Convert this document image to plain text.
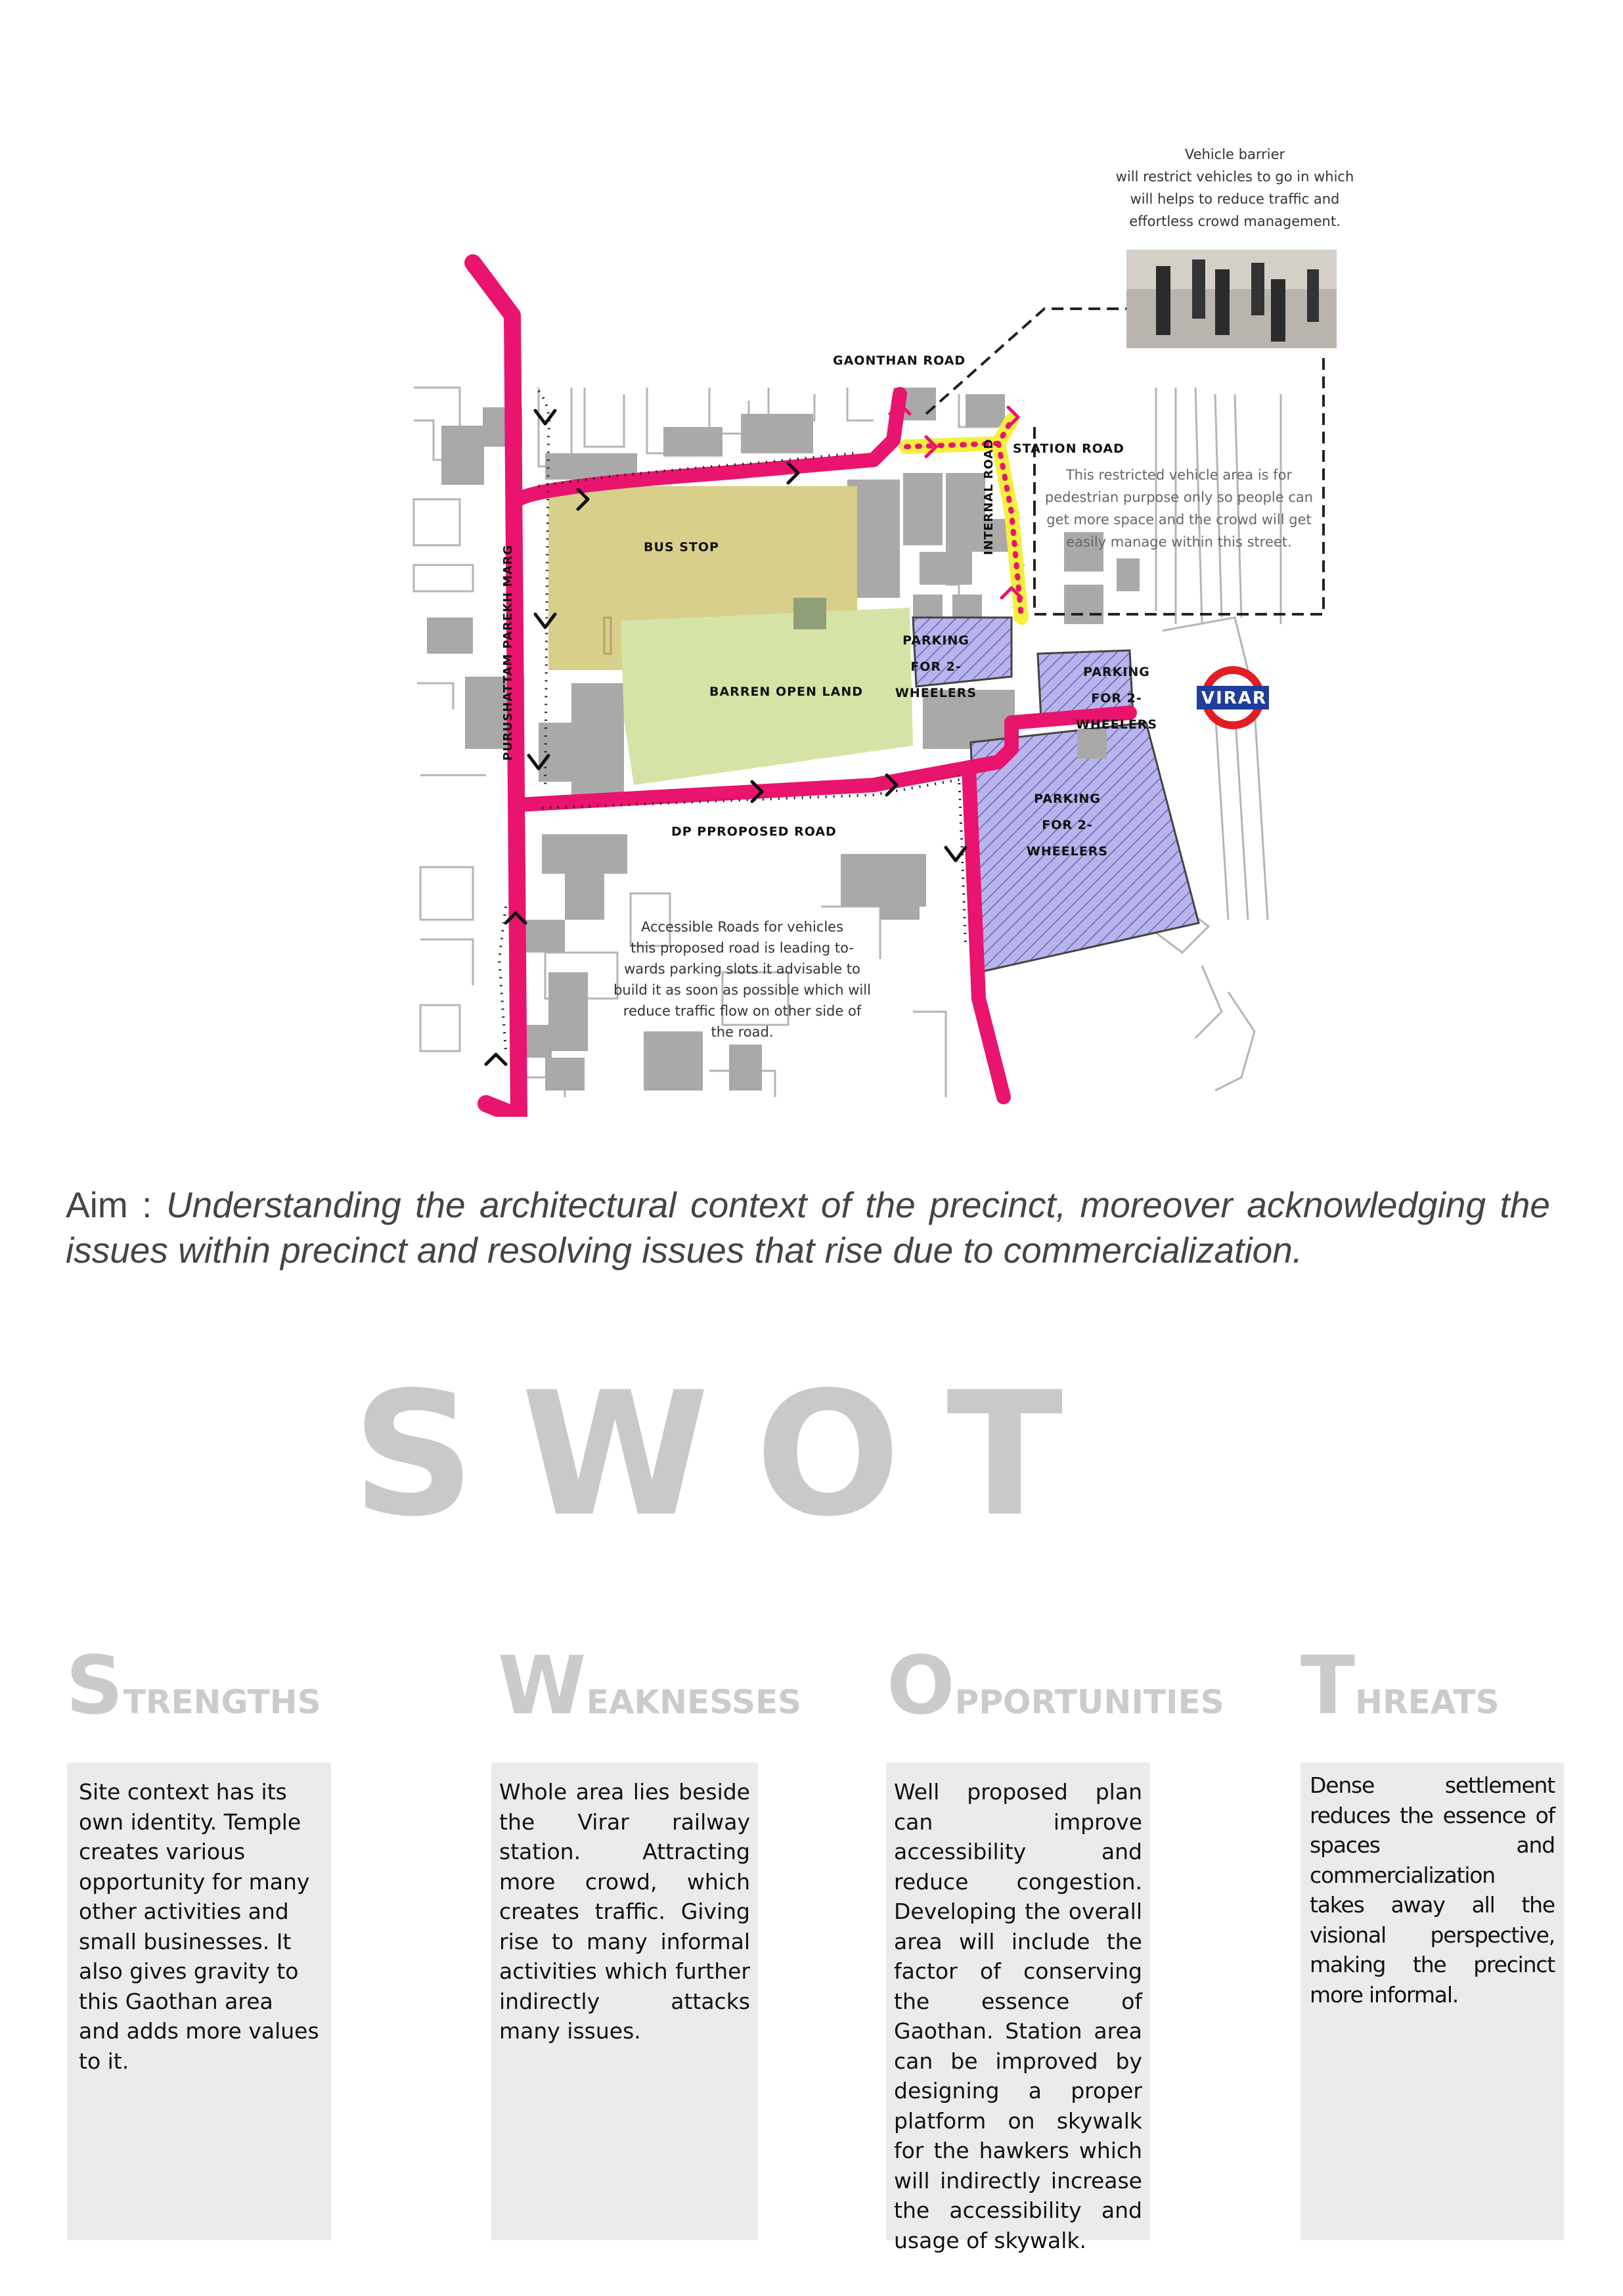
Vehicle barrier
will restrict vehicles to go in which
will helps to reduce traffic and
effortless crowd management.
This restricted vehicle area is for
pedestrian purpose only so people can
get more space and the crowd will get
easily manage within this street.
Accessible Roads for vehicles
this proposed road is leading to-
wards parking slots it advisable to
build it as soon as possible which will
reduce traffic flow on other side of
the road.
GAONTHAN ROAD
STATION ROAD
BUS STOP	INTERNAL ROAD
PURUSHATTAM PAREKH MARG	BARREN OPEN LAND
PARKING
FOR 2-WHEELERS
PARKING
FOR 2-WHEELERS
PARKING
FOR 2-WHEELERS
DP PPROPOSED ROAD
VIRAR
Aim : Understanding the architectural context of the precinct, moreover acknowledging the issues within precinct and resolving issues that rise due to commercialization.
SWOT
STRENGTHS WEAKNESSES OPPORTUNITIES THREATS

Site context has its own identity. Temple creates various opportunity for many other activities and small businesses. It also gives gravity to this Gaothan area and adds more values to it.

Whole area lies beside the Virar railway station. Attracting more crowd, which creates traffic. Giving rise to many informal activities which further indirectly attacks many issues.

Well proposed plan can improve accessibility and reduce congestion. Developing the overall area will include the factor of conserving the essence of Gaothan. Station area can be improved by designing a proper platform on skywalk for the hawkers which will indirectly increase the accessibility and usage of skywalk.

Dense settlement reduces the essence of spaces and commercialization takes away all the visional perspective, making the precinct more informal.
